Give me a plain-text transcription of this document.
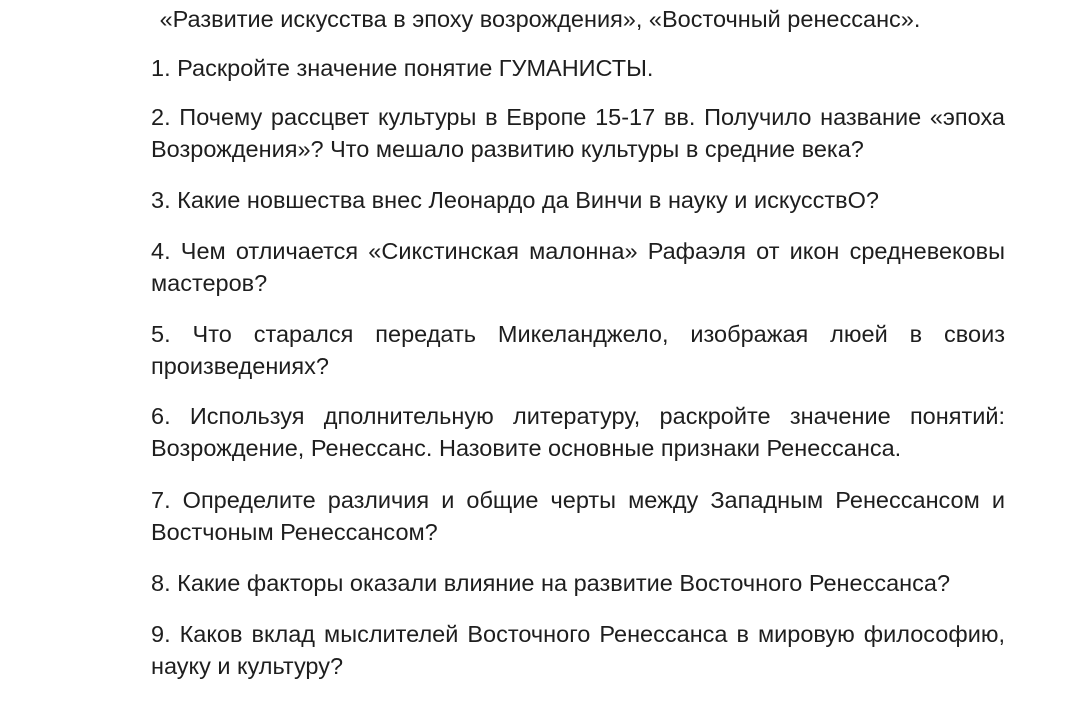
«Развитие искусства в эпоху возрождения», «Восточный ренессанс».
1. Раскройте значение понятие ГУМАНИСТЫ.
2. Почему рассцвет культуры в Европе 15-17 вв. Получило название «эпоха Возрождения»? Что мешало развитию культуры в средние века?
3. Какие новшества внес Леонардо да Винчи в науку и искусствО?
4. Чем отличается «Сикстинская малонна» Рафаэля от икон средневековы мастеров?
5. Что старался передать Микеланджело, изображая люей в своиз произведениях?
6. Используя дполнительную литературу, раскройте значение понятий: Возрождение, Ренессанс. Назовите основные признаки Ренессанса.
7. Определите различия и общие черты между Западным Ренессансом и Востчоным Ренессансом?
8. Какие факторы оказали влияние на развитие Восточного Ренессанса?
9. Каков вклад мыслителей Восточного Ренессанса в мировую философию, науку и культуру?
